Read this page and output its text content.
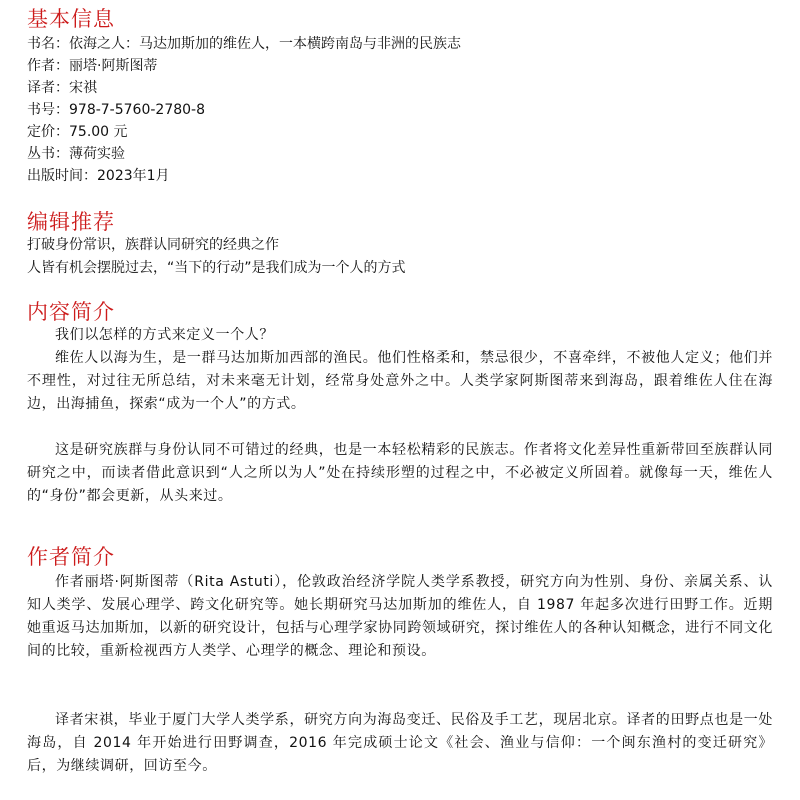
基本信息

书名：依海之人：马达加斯加的维佐人，一本横跨南岛与非洲的民族志

作者：丽塔·阿斯图蒂

译者：宋祺

书号：978-7-5760-2780-8

定价：75.00 元

丛书：薄荷实验

出版时间：2023年1月

编辑推荐

打破身份常识，族群认同研究的经典之作

人皆有机会摆脱过去，“当下的行动”是我们成为一个人的方式

内容简介

我们以怎样的方式来定义一个人？

维佐人以海为生，是一群马达加斯加西部的渔民。他们性格柔和，禁忌很少，不喜牵绊，不被他人定义；他们并不理性，对过往无所总结，对未来毫无计划，经常身处意外之中。人类学家阿斯图蒂来到海岛，跟着维佐人住在海边，出海捕鱼，探索“成为一个人”的方式。

这是研究族群与身份认同不可错过的经典，也是一本轻松精彩的民族志。作者将文化差异性重新带回至族群认同研究之中，而读者借此意识到“人之所以为人”处在持续形塑的过程之中，不必被定义所固着。就像每一天，维佐人的“身份”都会更新，从头来过。

作者简介

作者丽塔·阿斯图蒂（Rita Astuti），伦敦政治经济学院人类学系教授，研究方向为性别、身份、亲属关系、认知人类学、发展心理学、跨文化研究等。她长期研究马达加斯加的维佐人，自 1987 年起多次进行田野工作。近期她重返马达加斯加，以新的研究设计，包括与心理学家协同跨领域研究，探讨维佐人的各种认知概念，进行不同文化间的比较，重新检视西方人类学、心理学的概念、理论和预设。

译者宋祺，毕业于厦门大学人类学系，研究方向为海岛变迁、民俗及手工艺，现居北京。译者的田野点也是一处海岛，自 2014 年开始进行田野调查，2016 年完成硕士论文《社会、渔业与信仰：一个闽东渔村的变迁研究》后，为继续调研，回访至今。
